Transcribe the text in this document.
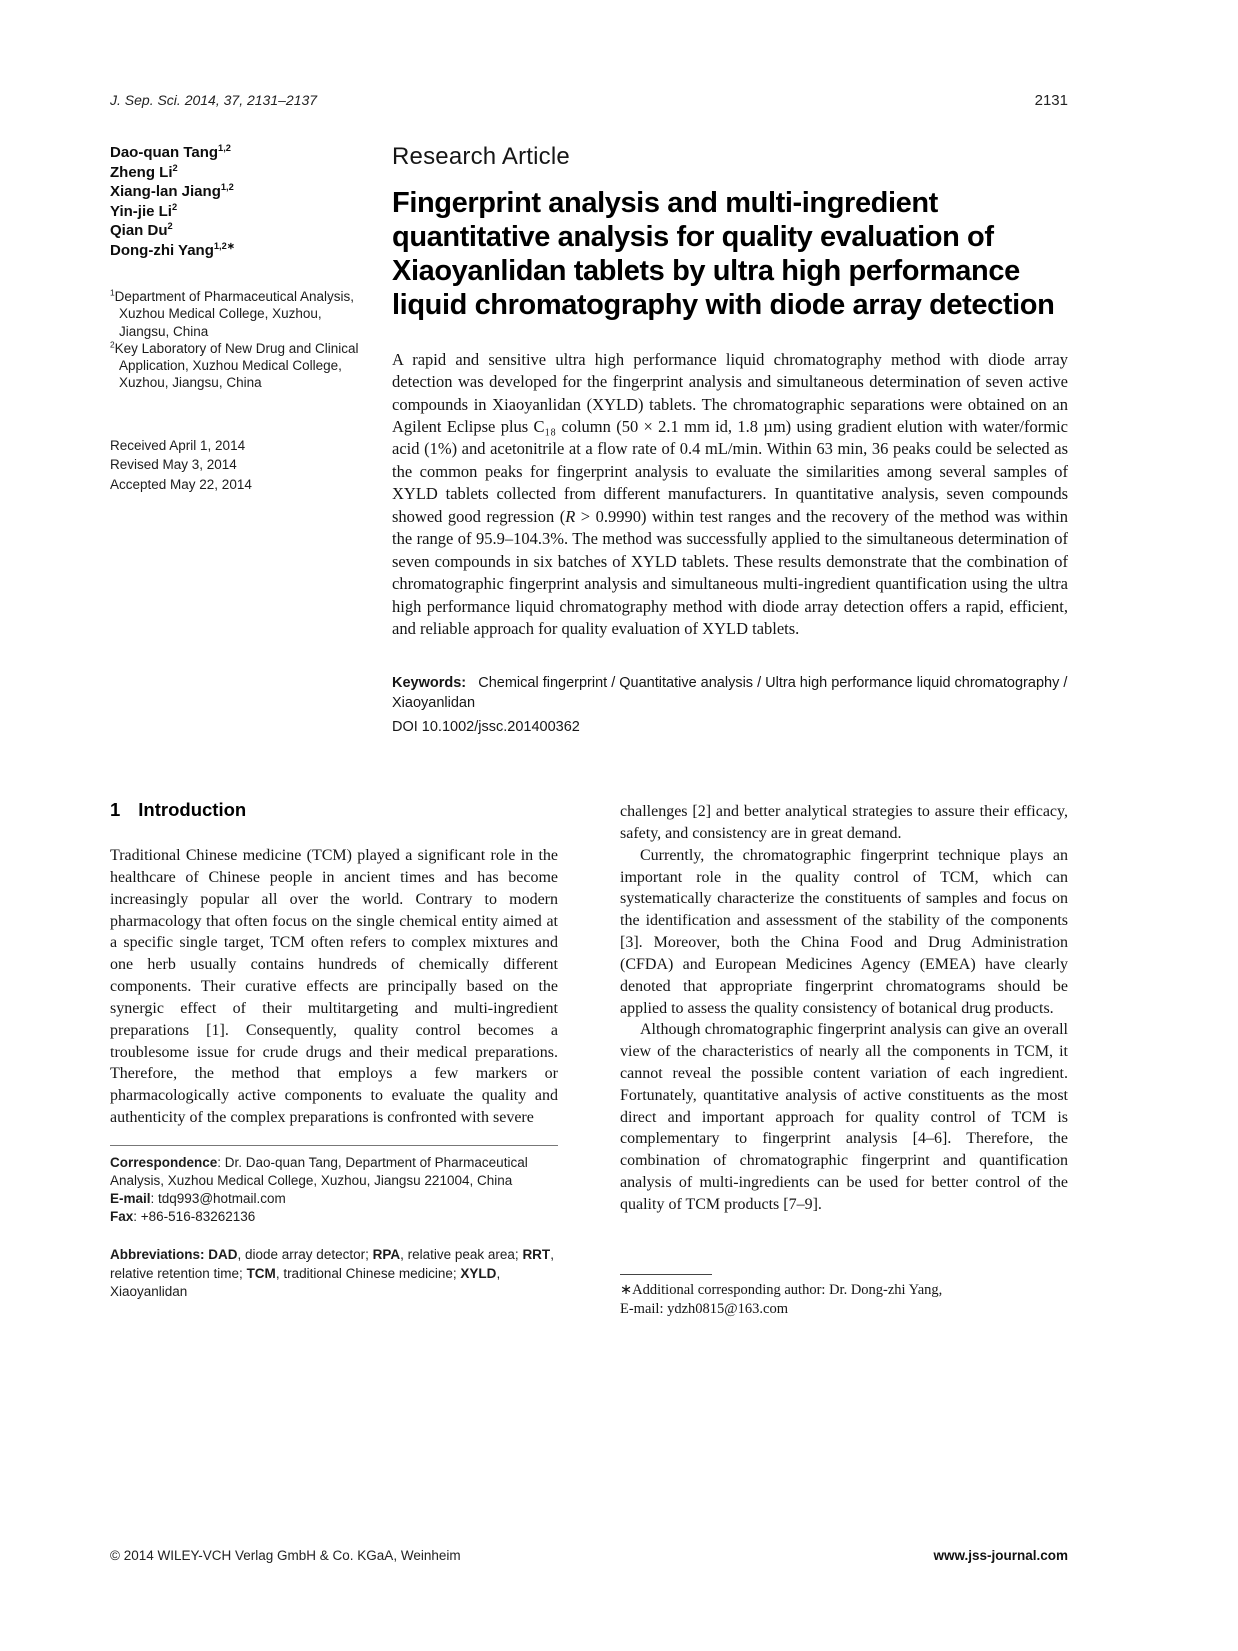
J. Sep. Sci. 2014, 37, 2131–2137	2131
Dao-quan Tang$^{1,2}$
Zheng Li$^2$
Xiang-lan Jiang$^{1,2}$
Yin-jie Li$^2$
Qian Du$^2$
Dong-zhi Yang$^{1,2∗}$
$^1$Department of Pharmaceutical Analysis, Xuzhou Medical College, Xuzhou, Jiangsu, China
$^2$Key Laboratory of New Drug and Clinical Application, Xuzhou Medical College, Xuzhou, Jiangsu, China
Received April 1, 2014
Revised May 3, 2014
Accepted May 22, 2014
Research Article
Fingerprint analysis and multi-ingredient quantitative analysis for quality evaluation of Xiaoyanlidan tablets by ultra high performance liquid chromatography with diode array detection

A rapid and sensitive ultra high performance liquid chromatography method with diode array detection was developed for the fingerprint analysis and simultaneous determination of seven active compounds in Xiaoyanlidan (XYLD) tablets. The chromatographic separations were obtained on an Agilent Eclipse plus C₁₈ column (50 × 2.1 mm id, 1.8 µm) using gradient elution with water/formic acid (1%) and acetonitrile at a flow rate of 0.4 mL/min. Within 63 min, 36 peaks could be selected as the common peaks for fingerprint analysis to evaluate the similarities among several samples of XYLD tablets collected from different manufacturers. In quantitative analysis, seven compounds showed good regression (R > 0.9990) within test ranges and the recovery of the method was within the range of 95.9–104.3%. The method was successfully applied to the simultaneous determination of seven compounds in six batches of XYLD tablets. These results demonstrate that the combination of chromatographic fingerprint analysis and simultaneous multi-ingredient quantification using the ultra high performance liquid chromatography method with diode array detection offers a rapid, efficient, and reliable approach for quality evaluation of XYLD tablets.

Keywords: Chemical fingerprint / Quantitative analysis / Ultra high performance liquid chromatography / Xiaoyanlidan
DOI 10.1002/jssc.201400362
1 Introduction

Traditional Chinese medicine (TCM) played a significant role in the healthcare of Chinese people in ancient times and has become increasingly popular all over the world. Contrary to modern pharmacology that often focus on the single chemical entity aimed at a specific single target, TCM often refers to complex mixtures and one herb usually contains hundreds of chemically different components. Their curative effects are principally based on the synergic effect of their multitargeting and multi-ingredient preparations [1]. Consequently, quality control becomes a troublesome issue for crude drugs and their medical preparations. Therefore, the method that employs a few markers or pharmacologically active components to evaluate the quality and authenticity of the complex preparations is confronted with severe

Correspondence: Dr. Dao-quan Tang, Department of Pharmaceutical Analysis, Xuzhou Medical College, Xuzhou, Jiangsu 221004, China
E-mail: tdq993@hotmail.com
Fax: +86-516-83262136
Abbreviations: DAD, diode array detector; RPA, relative peak area; RRT, relative retention time; TCM, traditional Chinese medicine; XYLD, Xiaoyanlidan

challenges [2] and better analytical strategies to assure their efficacy, safety, and consistency are in great demand.

Currently, the chromatographic fingerprint technique plays an important role in the quality control of TCM, which can systematically characterize the constituents of samples and focus on the identification and assessment of the stability of the components [3]. Moreover, both the China Food and Drug Administration (CFDA) and European Medicines Agency (EMEA) have clearly denoted that appropriate fingerprint chromatograms should be applied to assess the quality consistency of botanical drug products.

Although chromatographic fingerprint analysis can give an overall view of the characteristics of nearly all the components in TCM, it cannot reveal the possible content variation of each ingredient. Fortunately, quantitative analysis of active constituents as the most direct and important approach for quality control of TCM is complementary to fingerprint analysis [4–6]. Therefore, the combination of chromatographic fingerprint and quantification analysis of multi-ingredients can be used for better control of the quality of TCM products [7–9].

∗Additional corresponding author: Dr. Dong-zhi Yang,
E-mail: ydzh0815@163.com
© 2014 WILEY-VCH Verlag GmbH & Co. KGaA, Weinheim	www.jss-journal.com
